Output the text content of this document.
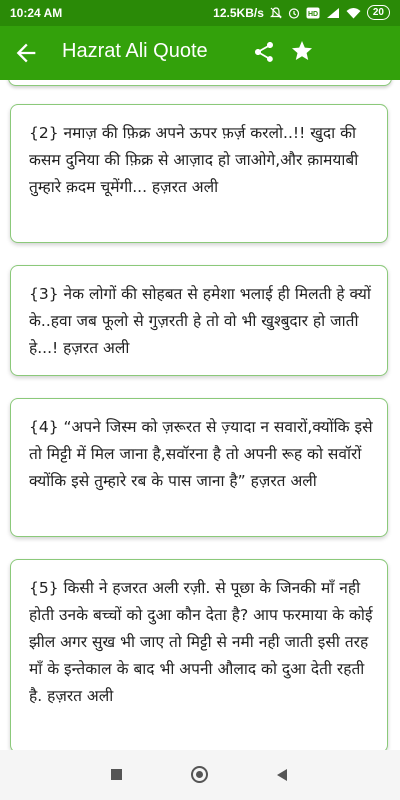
10:24 AM	12.5KB/s	HD	20
Hazrat Ali Quote

{2} नमाज़ की फ़िक्र अपने ऊपर फ़र्ज़ करलो..!! खुदा की कसम दुनिया की फ़िक्र से आज़ाद हो जाओगे,और क़ामयाबी तुम्हारे क़दम चूमेंगी... हज़रत अली

{3} नेक लोगों की सोहबत से हमेशा भलाई ही मिलती हे क्यों के..हवा जब फूलो से गुज़रती हे तो वो भी खुश्बुदार हो जाती हे...! हज़रत अली

{4} “अपने जिस्म को ज़रूरत से ज़्यादा न सवारों,क्योंकि इसे तो मिट्टी में मिल जाना है,सवॉरना है तो अपनी रूह को सवॉरों क्योंकि इसे तुम्हारे रब के पास जाना है” हज़रत अली

{5} किसी ने हजरत अली रज़ी. से पूछा के जिनकी माँ नही होती उनके बच्चों को दुआ कौन देता है? आप फरमाया के कोई झील अगर सुख भी जाए तो मिट्टी से नमी नही जाती इसी तरह माँ के इन्तेकाल के बाद भी अपनी औलाद को दुआ देती रहती है. हज़रत अली
